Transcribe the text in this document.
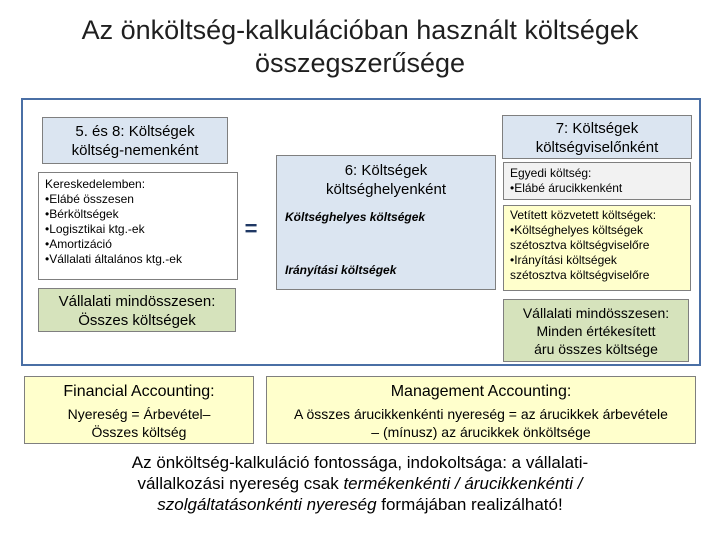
Az önköltség-kalkulációban használt költségek
összegszerűsége
5. és 8: Költségek
költség-nemenként
Kereskedelemben:
•Elábé összesen
•Bérköltségek
•Logisztikai ktg.-ek
•Amortizáció
•Vállalati általános ktg.-ek
Vállalati mindösszesen:
Összes költségek
=
6: Költségek
költséghelyenként
Költséghelyes költségek
Irányítási költségek
7: Költségek
költségviselőnként
Egyedi költség:
•Elábé árucikkenként
Vetített közvetett költségek:
•Költséghelyes költségek
szétosztva költségviselőre
•Irányítási költségek
szétosztva költségviselőre
Vállalati mindösszesen:
Minden értékesített
áru összes költsége
Financial Accounting:
Nyereség = Árbevétel–
Összes költség
Management Accounting:
A összes árucikkenkénti nyereség = az árucikkek árbevétele
– (mínusz) az árucikkek önköltsége
Az önköltség-kalkuláció fontossága, indokoltsága: a vállalati-
vállalkozási nyereség csak termékenkénti / árucikkenkénti /
szolgáltatásonkénti nyereség formájában realizálható!
